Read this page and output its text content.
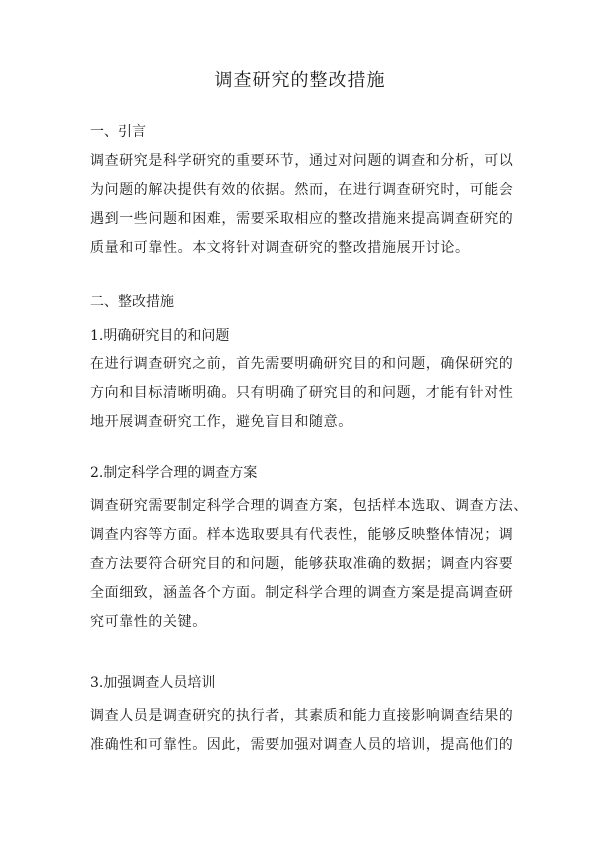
调查研究的整改措施
一、引言

调查研究是科学研究的重要环节，通过对问题的调查和分析，可以
为问题的解决提供有效的依据。然而，在进行调查研究时，可能会
遇到一些问题和困难，需要采取相应的整改措施来提高调查研究的
质量和可靠性。本文将针对调查研究的整改措施展开讨论。

二、整改措施
1.明确研究目的和问题

在进行调查研究之前，首先需要明确研究目的和问题，确保研究的
方向和目标清晰明确。只有明确了研究目的和问题，才能有针对性
地开展调查研究工作，避免盲目和随意。

2.制定科学合理的调查方案

调查研究需要制定科学合理的调查方案，包括样本选取、调查方法、
调查内容等方面。样本选取要具有代表性，能够反映整体情况；调
查方法要符合研究目的和问题，能够获取准确的数据；调查内容要
全面细致，涵盖各个方面。制定科学合理的调查方案是提高调查研
究可靠性的关键。

3.加强调查人员培训

调查人员是调查研究的执行者，其素质和能力直接影响调查结果的
准确性和可靠性。因此，需要加强对调查人员的培训，提高他们的
